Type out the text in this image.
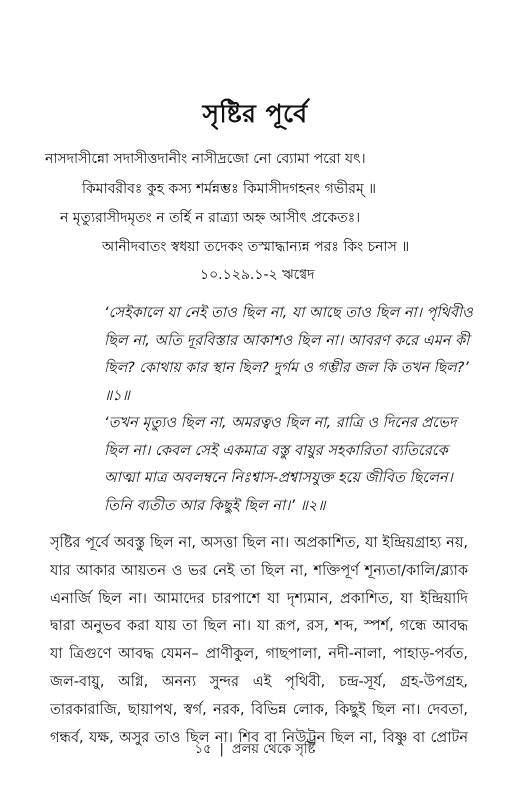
সৃষ্টির পূর্বে
নাসদাসীন্নো সদাসীত্তদানীং নাসীদ্রজো নো ব্যোমা পরো যৎ।
কিমাবরীবঃ কুহ কস্য শর্মন্নম্ভঃ কিমাসীদগহনং গভীরম্ ॥
ন মৃত্যুরাসীদমৃতং ন তর্হি ন রাত্র্যা অহ্ন আসীৎ প্রকেতঃ।
আনীদবাতং স্বধয়া তদেকং তস্মাদ্ধান্যন্ন পরঃ কিং চনাস ॥
১০.১২৯.১-২ ঋগ্বেদ
‘সেইকালে যা নেই তাও ছিল না, যা আছে তাও ছিল না। পৃথিবীও
ছিল না, অতি দূরবিস্তার আকাশও ছিল না। আবরণ করে এমন কী
ছিল? কোথায় কার স্থান ছিল? দুর্গম ও গম্ভীর জল কি তখন ছিল?’
॥১॥
‘তখন মৃত্যুও ছিল না, অমরত্বও ছিল না, রাত্রি ও দিনের প্রভেদ
ছিল না। কেবল সেই একমাত্র বস্তু বায়ুর সহকারিতা ব্যতিরেকে
আত্মা মাত্র অবলম্বনে নিঃশ্বাস-প্রশ্বাসযুক্ত হয়ে জীবিত ছিলেন।
তিনি ব্যতীত আর কিছুই ছিল না।’ ॥২॥
সৃষ্টির পূর্বে অবস্তু ছিল না, অসত্তা ছিল না। অপ্রকাশিত, যা ইন্দ্রিয়গ্রাহ্য নয়,
যার আকার আয়তন ও ভর নেই তা ছিল না, শক্তিপূর্ণ শূন্যতা/কালি/ব্ল্যাক
এনার্জি ছিল না। আমাদের চারপাশে যা দৃশ্যমান, প্রকাশিত, যা ইন্দ্রিয়াদি
দ্বারা অনুভব করা যায় তা ছিল না। যা রূপ, রস, শব্দ, স্পর্শ, গন্ধে আবদ্ধ
যা ত্রিগুণে আবদ্ধ যেমন– প্রাণীকুল, গাছপালা, নদী-নালা, পাহাড়-পর্বত,
জল-বায়ু, অগ্নি, অনন্য সুন্দর এই পৃথিবী, চন্দ্র-সূর্য, গ্রহ-উপগ্রহ,
তারকারাজি, ছায়াপথ, স্বর্গ, নরক, বিভিন্ন লোক, কিছুই ছিল না। দেবতা,
গন্ধর্ব, যক্ষ, অসুর তাও ছিল না। শিব বা নিউট্রন ছিল না, বিষ্ণু বা প্রোটন
১৫ | প্রলয় থেকে সৃষ্টি
